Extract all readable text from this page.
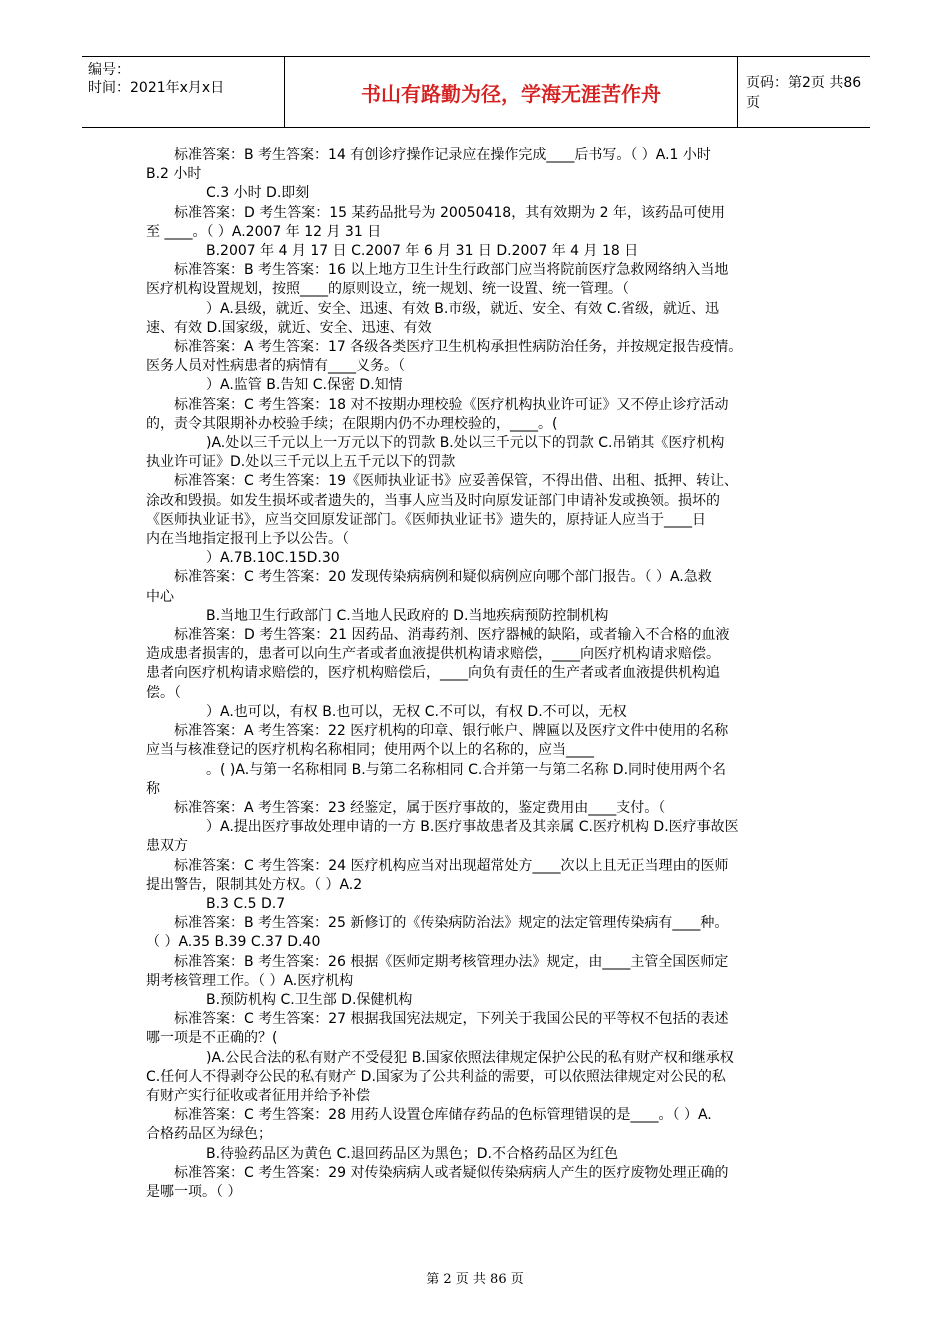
编号：
时间：2021年x月x日	书山有路勤为径，学海无涯苦作舟	页码：第2页 共86页

标准答案：B 考生答案：14 有创诊疗操作记录应在操作完成____后书写。（ ）A.1 小时

B.2 小时

C.3 小时 D.即刻

标准答案：D 考生答案：15 某药品批号为 20050418，其有效期为 2 年，该药品可使用

至 ____。（ ）A.2007 年 12 月 31 日

B.2007 年 4 月 17 日 C.2007 年 6 月 31 日 D.2007 年 4 月 18 日

标准答案：B 考生答案：16 以上地方卫生计生行政部门应当将院前医疗急救网络纳入当地

医疗机构设置规划，按照____的原则设立，统一规划、统一设置、统一管理。（

）A.县级，就近、安全、迅速、有效 B.市级，就近、安全、有效 C.省级，就近、迅

速、有效 D.国家级，就近、安全、迅速、有效

标准答案：A 考生答案：17 各级各类医疗卫生机构承担性病防治任务，并按规定报告疫情。

医务人员对性病患者的病情有____义务。（

）A.监管 B.告知 C.保密 D.知情

标准答案：C 考生答案：18 对不按期办理校验《医疗机构执业许可证》又不停止诊疗活动

的，责令其限期补办校验手续；在限期内仍不办理校验的，____。(

)A.处以三千元以上一万元以下的罚款 B.处以三千元以下的罚款 C.吊销其《医疗机构

执业许可证》D.处以三千元以上五千元以下的罚款

标准答案：C 考生答案：19《医师执业证书》应妥善保管，不得出借、出租、抵押、转让、

涂改和毁损。如发生损坏或者遗失的，当事人应当及时向原发证部门申请补发或换领。损坏的

《医师执业证书》，应当交回原发证部门。《医师执业证书》遗失的，原持证人应当于____日

内在当地指定报刊上予以公告。（

）A.7B.10C.15D.30

标准答案：C 考生答案：20 发现传染病病例和疑似病例应向哪个部门报告。（ ）A.急救

中心

B.当地卫生行政部门 C.当地人民政府的 D.当地疾病预防控制机构

标准答案：D 考生答案：21 因药品、消毒药剂、医疗器械的缺陷，或者输入不合格的血液

造成患者损害的，患者可以向生产者或者血液提供机构请求赔偿，____向医疗机构请求赔偿。

患者向医疗机构请求赔偿的，医疗机构赔偿后，____向负有责任的生产者或者血液提供机构追

偿。（

）A.也可以，有权 B.也可以，无权 C.不可以，有权 D.不可以，无权

标准答案：A 考生答案：22 医疗机构的印章、银行帐户、牌匾以及医疗文件中使用的名称

应当与核准登记的医疗机构名称相同；使用两个以上的名称的，应当____

。( )A.与第一名称相同 B.与第二名称相同 C.合并第一与第二名称 D.同时使用两个名

称

标准答案：A 考生答案：23 经鉴定，属于医疗事故的，鉴定费用由____支付。（

）A.提出医疗事故处理申请的一方 B.医疗事故患者及其亲属 C.医疗机构 D.医疗事故医

患双方

标准答案：C 考生答案：24 医疗机构应当对出现超常处方____次以上且无正当理由的医师

提出警告，限制其处方权。（ ）A.2

B.3 C.5 D.7

标准答案：B 考生答案：25 新修订的《传染病防治法》规定的法定管理传染病有____种。

（ ）A.35 B.39 C.37 D.40

标准答案：B 考生答案：26 根据《医师定期考核管理办法》规定，由____主管全国医师定

期考核管理工作。（ ）A.医疗机构

B.预防机构 C.卫生部 D.保健机构

标准答案：C 考生答案：27 根据我国宪法规定，下列关于我国公民的平等权不包括的表述

哪一项是不正确的？(

)A.公民合法的私有财产不受侵犯 B.国家依照法律规定保护公民的私有财产权和继承权

C.任何人不得剥夺公民的私有财产 D.国家为了公共利益的需要，可以依照法律规定对公民的私

有财产实行征收或者征用并给予补偿

标准答案：C 考生答案：28 用药人设置仓库储存药品的色标管理错误的是____。（ ）A.

合格药品区为绿色；

B.待验药品区为黄色 C.退回药品区为黑色；D.不合格药品区为红色

标准答案：C 考生答案：29 对传染病病人或者疑似传染病病人产生的医疗废物处理正确的

是哪一项。（ ）

第 2 页 共 86 页
